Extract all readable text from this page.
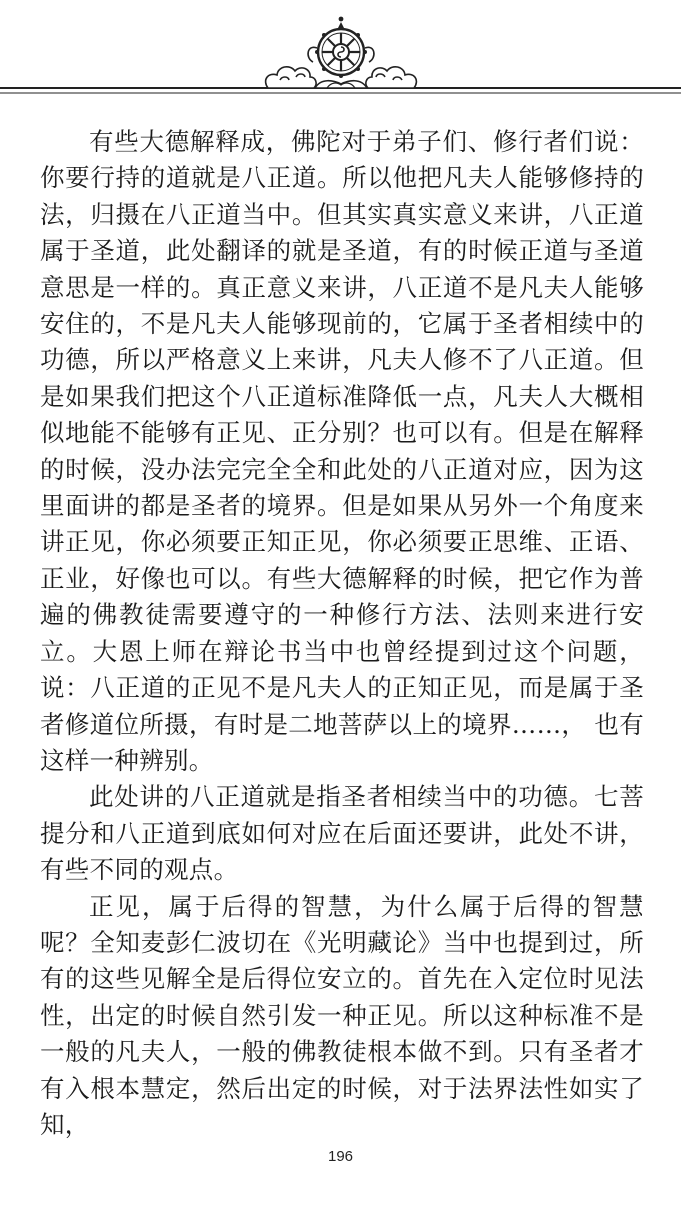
有些大德解释成，佛陀对于弟子们、修行者们说：你要行持的道就是八正道。所以他把凡夫人能够修持的法，归摄在八正道当中。但其实真实意义来讲，八正道属于圣道，此处翻译的就是圣道，有的时候正道与圣道意思是一样的。真正意义来讲，八正道不是凡夫人能够安住的，不是凡夫人能够现前的，它属于圣者相续中的功德，所以严格意义上来讲，凡夫人修不了八正道。但是如果我们把这个八正道标准降低一点，凡夫人大概相似地能不能够有正见、正分别？也可以有。但是在解释的时候，没办法完完全全和此处的八正道对应，因为这里面讲的都是圣者的境界。但是如果从另外一个角度来讲正见，你必须要正知正见，你必须要正思维、正语、正业，好像也可以。有些大德解释的时候，把它作为普遍的佛教徒需要遵守的一种修行方法、法则来进行安立。大恩上师在辩论书当中也曾经提到过这个问题，说：八正道的正见不是凡夫人的正知正见，而是属于圣者修道位所摄，有时是二地菩萨以上的境界……， 也有这样一种辨别。

此处讲的八正道就是指圣者相续当中的功德。七菩提分和八正道到底如何对应在后面还要讲，此处不讲，有些不同的观点。

正见，属于后得的智慧，为什么属于后得的智慧呢？全知麦彭仁波切在《光明藏论》当中也提到过，所有的这些见解全是后得位安立的。首先在入定位时见法性，出定的时候自然引发一种正见。所以这种标准不是一般的凡夫人，一般的佛教徒根本做不到。只有圣者才有入根本慧定，然后出定的时候，对于法界法性如实了知，

196
